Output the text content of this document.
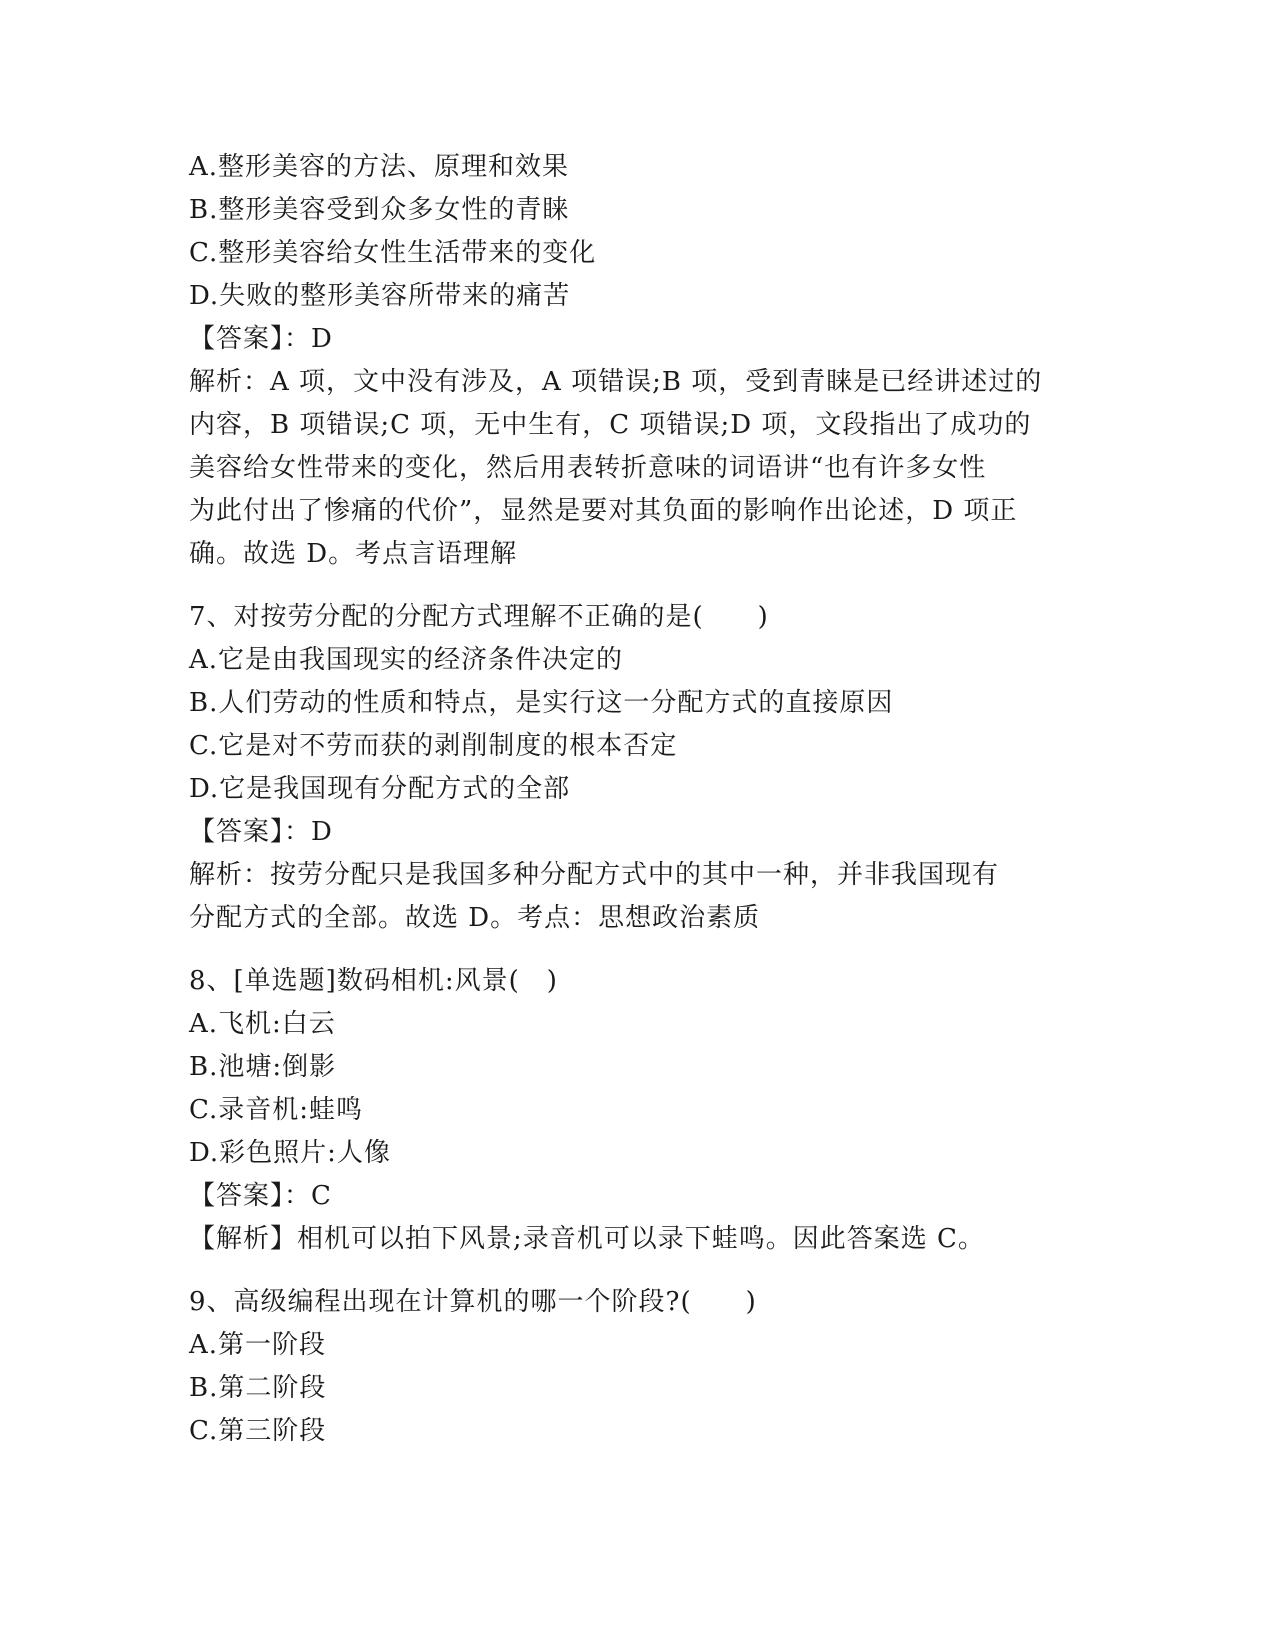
A.整形美容的方法、原理和效果
B.整形美容受到众多女性的青睐
C.整形美容给女性生活带来的变化
D.失败的整形美容所带来的痛苦
【答案】：D
解析：A 项，文中没有涉及，A 项错误;B 项，受到青睐是已经讲述过的
内容，B 项错误;C 项，无中生有，C 项错误;D 项，文段指出了成功的
美容给女性带来的变化，然后用表转折意味的词语讲“也有许多女性
为此付出了惨痛的代价”，显然是要对其负面的影响作出论述，D 项正
确。故选 D。考点言语理解
7、对按劳分配的分配方式理解不正确的是(　　)
A.它是由我国现实的经济条件决定的
B.人们劳动的性质和特点，是实行这一分配方式的直接原因
C.它是对不劳而获的剥削制度的根本否定
D.它是我国现有分配方式的全部
【答案】：D
解析：按劳分配只是我国多种分配方式中的其中一种，并非我国现有
分配方式的全部。故选 D。考点：思想政治素质
8、[单选题]数码相机:风景(　)
A.飞机:白云
B.池塘:倒影
C.录音机:蛙鸣
D.彩色照片:人像
【答案】：C
【解析】相机可以拍下风景;录音机可以录下蛙鸣。因此答案选 C。
9、高级编程出现在计算机的哪一个阶段?(　　)
A.第一阶段
B.第二阶段
C.第三阶段
